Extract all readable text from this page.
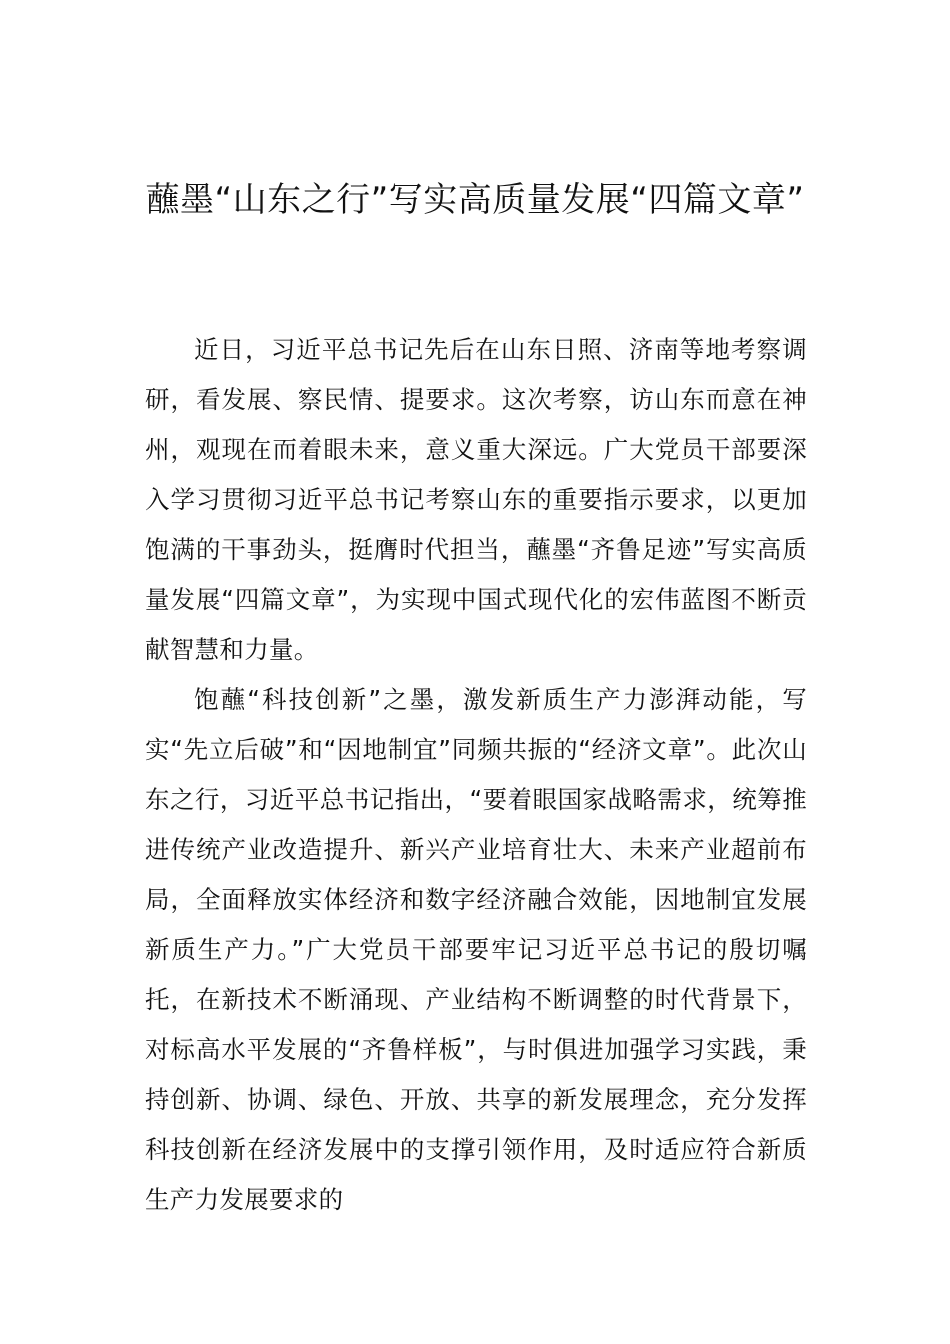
蘸墨“山东之行”写实高质量发展“四篇文章”

近日，习近平总书记先后在山东日照、济南等地考察调研，看发展、察民情、提要求。这次考察，访山东而意在神州，观现在而着眼未来，意义重大深远。广大党员干部要深入学习贯彻习近平总书记考察山东的重要指示要求，以更加饱满的干事劲头，挺膺时代担当，蘸墨“齐鲁足迹”写实高质量发展“四篇文章”，为实现中国式现代化的宏伟蓝图不断贡献智慧和力量。

饱蘸“科技创新”之墨，激发新质生产力澎湃动能，写实“先立后破”和“因地制宜”同频共振的“经济文章”。此次山东之行，习近平总书记指出，“要着眼国家战略需求，统筹推进传统产业改造提升、新兴产业培育壮大、未来产业超前布局，全面释放实体经济和数字经济融合效能，因地制宜发展新质生产力。”广大党员干部要牢记习近平总书记的殷切嘱托，在新技术不断涌现、产业结构不断调整的时代背景下，对标高水平发展的“齐鲁样板”，与时俱进加强学习实践，秉持创新、协调、绿色、开放、共享的新发展理念，充分发挥科技创新在经济发展中的支撑引领作用，及时适应符合新质生产力发展要求的
